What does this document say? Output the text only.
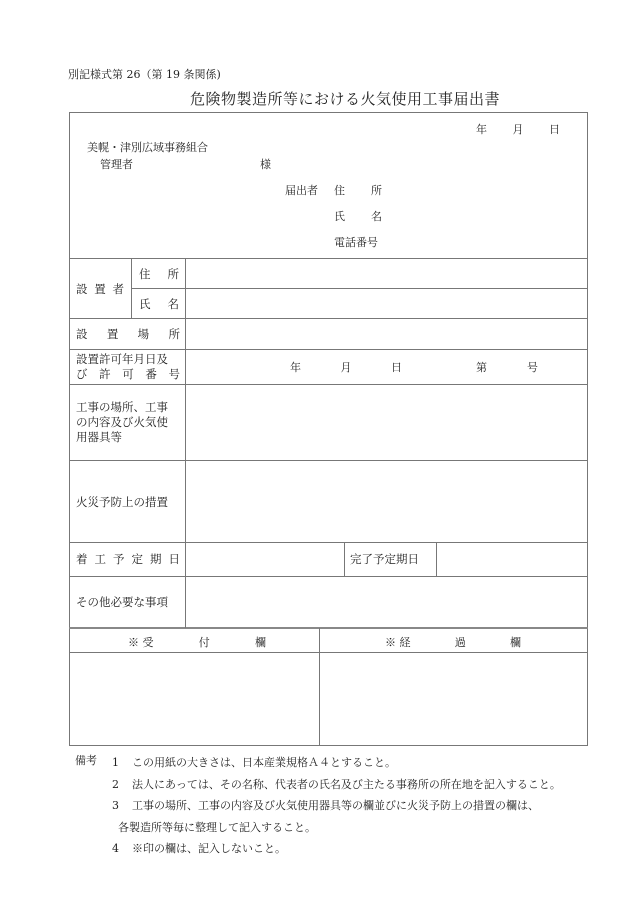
別記様式第 26（第 19 条関係)
危険物製造所等における火気使用工事届出書
年 月 日
美幌・津別広域事務組合
管理者	様
届出者 住 所
氏 名
電話番号
設 置 者
住 所
氏 名
設 置 場 所
設置許可年月日及
び 許 可 番 号	年	月	日	第	号
工事の場所、工事
の内容及び火気使
用器具等
火災予防上の措置
着 工 予 定 期 日	完了予定期日
その他必要な事項
※ 受	付	欄	※ 経	過	欄
備考 1 この用紙の大きさは、日本産業規格Ａ４とすること。
2 法人にあっては、その名称、代表者の氏名及び主たる事務所の所在地を記入すること。
3 工事の場所、工事の内容及び火気使用器具等の欄並びに火災予防上の措置の欄は、
各製造所等毎に整理して記入すること。
4 ※印の欄は、記入しないこと。
